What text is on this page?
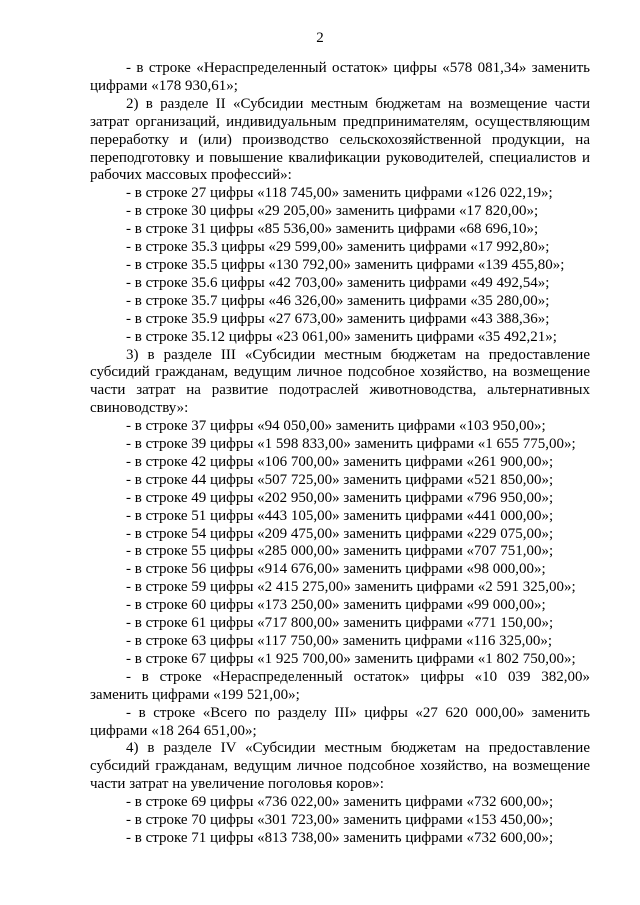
2

- в строке «Нераспределенный остаток» цифры «578 081,34» заменить цифрами «178 930,61»;

2) в разделе II «Субсидии местным бюджетам на возмещение части затрат организаций, индивидуальным предпринимателям, осуществляющим переработку и (или) производство сельскохозяйственной продукции, на переподготовку и повышение квалификации руководителей, специалистов и рабочих массовых профессий»:

- в строке 27 цифры «118 745,00» заменить цифрами «126 022,19»;

- в строке 30 цифры «29 205,00» заменить цифрами «17 820,00»;

- в строке 31 цифры «85 536,00» заменить цифрами «68 696,10»;

- в строке 35.3 цифры «29 599,00» заменить цифрами «17 992,80»;

- в строке 35.5 цифры «130 792,00» заменить цифрами «139 455,80»;

- в строке 35.6 цифры «42 703,00» заменить цифрами «49 492,54»;

- в строке 35.7 цифры «46 326,00» заменить цифрами «35 280,00»;

- в строке 35.9 цифры «27 673,00» заменить цифрами «43 388,36»;

- в строке 35.12 цифры «23 061,00» заменить цифрами «35 492,21»;

3) в разделе III «Субсидии местным бюджетам на предоставление субсидий гражданам, ведущим личное подсобное хозяйство, на возмещение части затрат на развитие подотраслей животноводства, альтернативных свиноводству»:

- в строке 37 цифры «94 050,00» заменить цифрами «103 950,00»;

- в строке 39 цифры «1 598 833,00» заменить цифрами «1 655 775,00»;

- в строке 42 цифры «106 700,00» заменить цифрами «261 900,00»;

- в строке 44 цифры «507 725,00» заменить цифрами «521 850,00»;

- в строке 49 цифры «202 950,00» заменить цифрами «796 950,00»;

- в строке 51 цифры «443 105,00» заменить цифрами «441 000,00»;

- в строке 54 цифры «209 475,00» заменить цифрами «229 075,00»;

- в строке 55 цифры «285 000,00» заменить цифрами «707 751,00»;

- в строке 56 цифры «914 676,00» заменить цифрами «98 000,00»;

- в строке 59 цифры «2 415 275,00» заменить цифрами «2 591 325,00»;

- в строке 60 цифры «173 250,00» заменить цифрами «99 000,00»;

- в строке 61 цифры «717 800,00» заменить цифрами «771 150,00»;

- в строке 63 цифры «117 750,00» заменить цифрами «116 325,00»;

- в строке 67 цифры «1 925 700,00» заменить цифрами «1 802 750,00»;

- в строке «Нераспределенный остаток» цифры «10 039 382,00» заменить цифрами «199 521,00»;

- в строке «Всего по разделу III» цифры «27 620 000,00» заменить цифрами «18 264 651,00»;

4) в разделе IV «Субсидии местным бюджетам на предоставление субсидий гражданам, ведущим личное подсобное хозяйство, на возмещение части затрат на увеличение поголовья коров»:

- в строке 69 цифры «736 022,00» заменить цифрами «732 600,00»;

- в строке 70 цифры «301 723,00» заменить цифрами «153 450,00»;

- в строке 71 цифры «813 738,00» заменить цифрами «732 600,00»;
